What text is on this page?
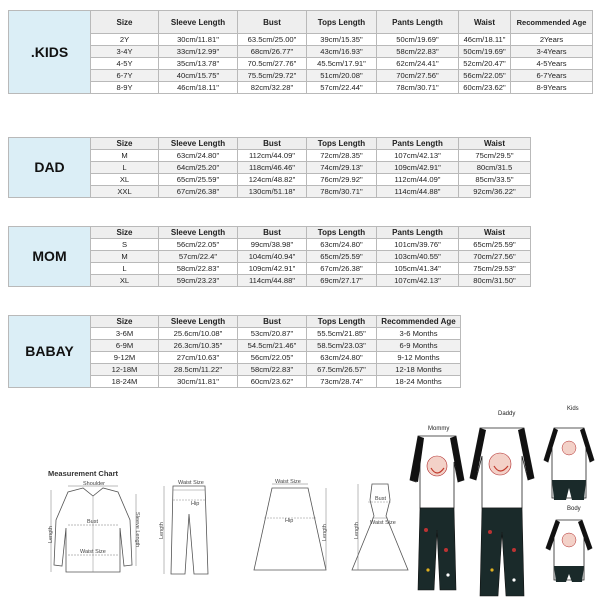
.KIDS	Size	Sleeve Length	Bust	Tops Length	Pants Length	Waist	Recommended Age
	2Y	30cm/11.81"	63.5cm/25.00"	39cm/15.35"	50cm/19.69"	46cm/18.11"	2Years
	3-4Y	33cm/12.99"	68cm/26.77"	43cm/16.93"	58cm/22.83"	50cm/19.69"	3-4Years
	4-5Y	35cm/13.78"	70.5cm/27.76"	45.5cm/17.91"	62cm/24.41"	52cm/20.47"	4-5Years
	6-7Y	40cm/15.75"	75.5cm/29.72"	51cm/20.08"	70cm/27.56"	56cm/22.05"	6-7Years
	8-9Y	46cm/18.11"	82cm/32.28"	57cm/22.44"	78cm/30.71"	60cm/23.62"	8-9Years
DAD	Size	Sleeve Length	Bust	Tops Length	Pants Length	Waist
	M	63cm/24.80"	112cm/44.09"	72cm/28.35"	107cm/42.13"	75cm/29.5"
	L	64cm/25.20"	118cm/46.46"	74cm/29.13"	109cm/42.91"	80cm/31.5
	XL	65cm/25.59"	124cm/48.82"	76cm/29.92"	112cm/44.09"	85cm/33.5"
	XXL	67cm/26.38"	130cm/51.18"	78cm/30.71"	114cm/44.88"	92cm/36.22"
MOM	Size	Sleeve Length	Bust	Tops Length	Pants Length	Waist
	S	56cm/22.05"	99cm/38.98"	63cm/24.80"	101cm/39.76"	65cm/25.59"
	M	57cm/22.4"	104cm/40.94"	65cm/25.59"	103cm/40.55"	70cm/27.56"
	L	58cm/22.83"	109cm/42.91"	67cm/26.38"	105cm/41.34"	75cm/29.53"
	XL	59cm/23.23"	114cm/44.88"	69cm/27.17"	107cm/42.13"	80cm/31.50"
BABAY	Size	Sleeve Length	Bust	Tops Length	Recommended Age
	3-6M	25.6cm/10.08"	53cm/20.87"	55.5cm/21.85"	3-6 Months
	6-9M	26.3cm/10.35"	54.5cm/21.46"	58.5cm/23.03"	6-9 Months
	9-12M	27cm/10.63"	56cm/22.05"	63cm/24.80"	9-12 Months
	12-18M	28.5cm/11.22"	58cm/22.83"	67.5cm/26.57"	12-18 Months
	18-24M	30cm/11.81"	60cm/23.62"	73cm/28.74"	18-24 Months
Measurement Chart
Shoulder
Bust
Waist Size
Length	Sleeve Length
Waist Size
Hip
Length
Waist Size
Hip
Length
Bust
Waist Size
Length
Mommy
Daddy
Kids
Body
